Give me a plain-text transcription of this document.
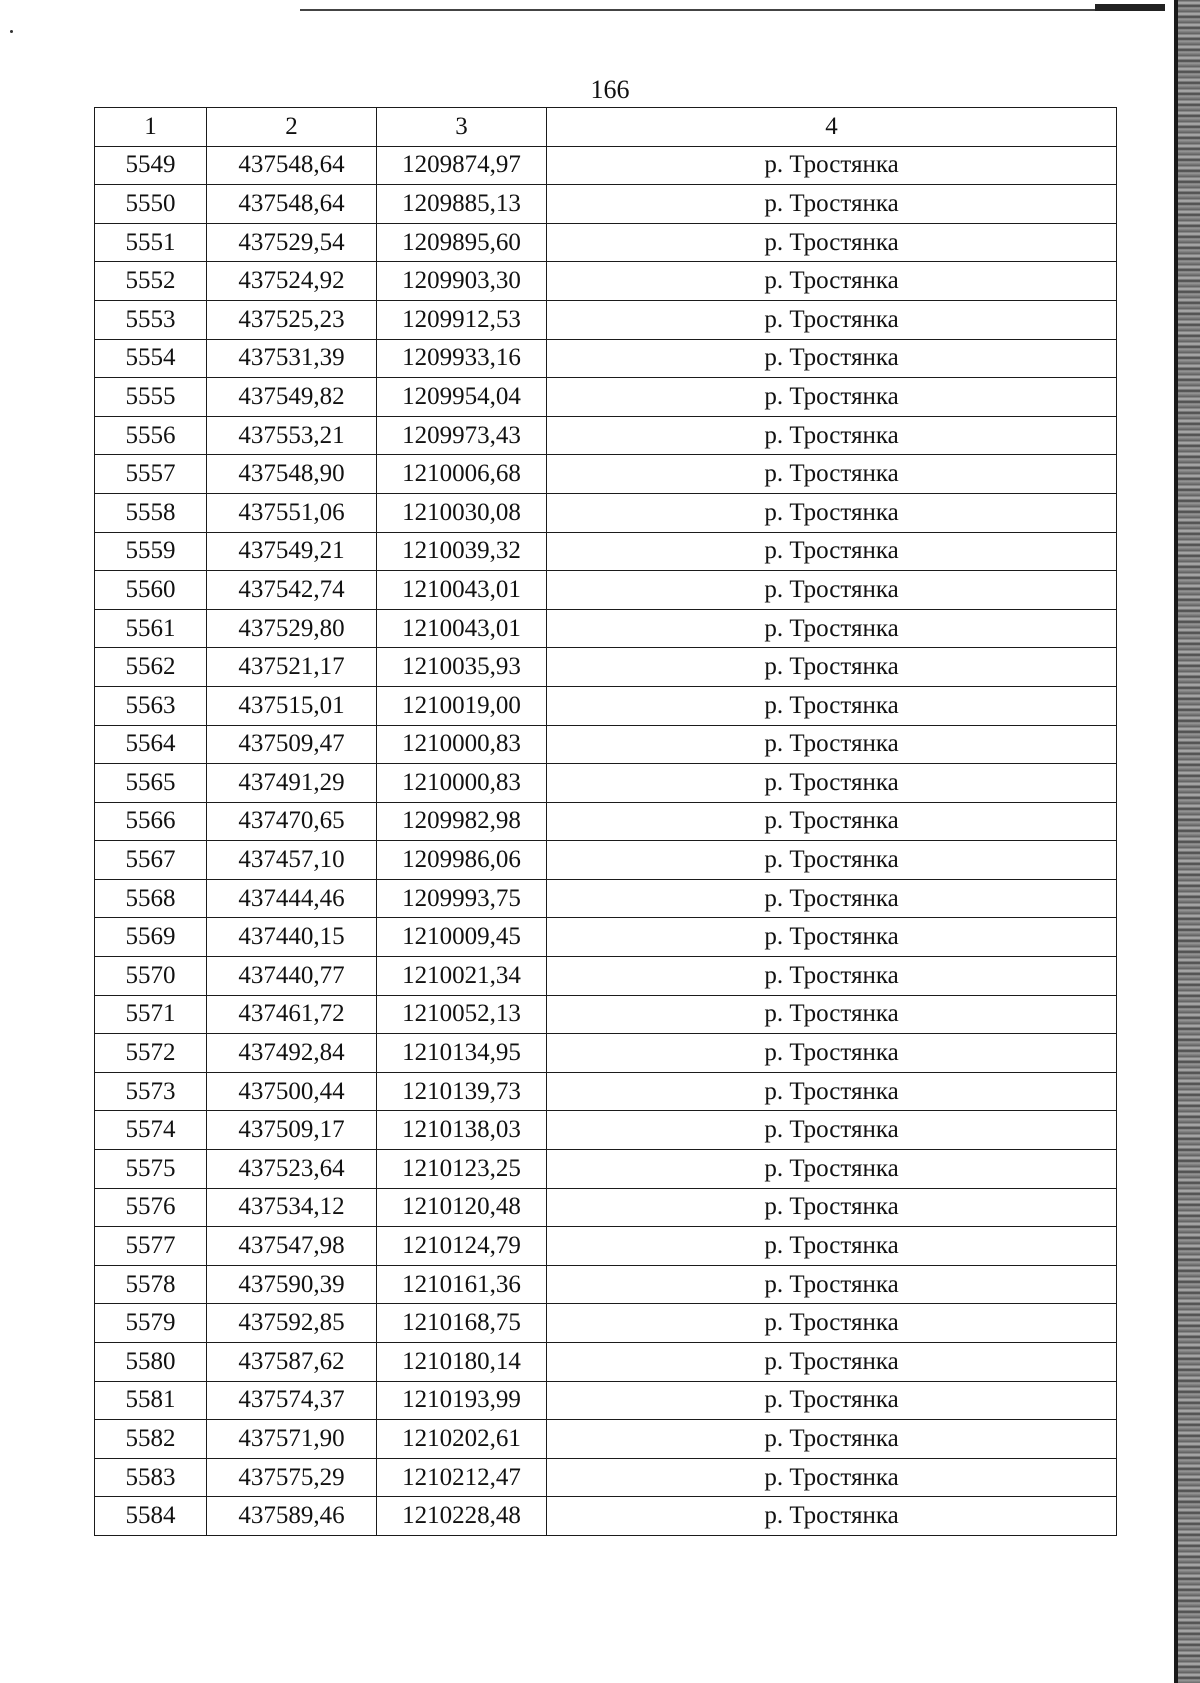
166
1	2	3	4
5549	437548,64	1209874,97	р. Тростянка
5550	437548,64	1209885,13	р. Тростянка
5551	437529,54	1209895,60	р. Тростянка
5552	437524,92	1209903,30	р. Тростянка
5553	437525,23	1209912,53	р. Тростянка
5554	437531,39	1209933,16	р. Тростянка
5555	437549,82	1209954,04	р. Тростянка
5556	437553,21	1209973,43	р. Тростянка
5557	437548,90	1210006,68	р. Тростянка
5558	437551,06	1210030,08	р. Тростянка
5559	437549,21	1210039,32	р. Тростянка
5560	437542,74	1210043,01	р. Тростянка
5561	437529,80	1210043,01	р. Тростянка
5562	437521,17	1210035,93	р. Тростянка
5563	437515,01	1210019,00	р. Тростянка
5564	437509,47	1210000,83	р. Тростянка
5565	437491,29	1210000,83	р. Тростянка
5566	437470,65	1209982,98	р. Тростянка
5567	437457,10	1209986,06	р. Тростянка
5568	437444,46	1209993,75	р. Тростянка
5569	437440,15	1210009,45	р. Тростянка
5570	437440,77	1210021,34	р. Тростянка
5571	437461,72	1210052,13	р. Тростянка
5572	437492,84	1210134,95	р. Тростянка
5573	437500,44	1210139,73	р. Тростянка
5574	437509,17	1210138,03	р. Тростянка
5575	437523,64	1210123,25	р. Тростянка
5576	437534,12	1210120,48	р. Тростянка
5577	437547,98	1210124,79	р. Тростянка
5578	437590,39	1210161,36	р. Тростянка
5579	437592,85	1210168,75	р. Тростянка
5580	437587,62	1210180,14	р. Тростянка
5581	437574,37	1210193,99	р. Тростянка
5582	437571,90	1210202,61	р. Тростянка
5583	437575,29	1210212,47	р. Тростянка
5584	437589,46	1210228,48	р. Тростянка
